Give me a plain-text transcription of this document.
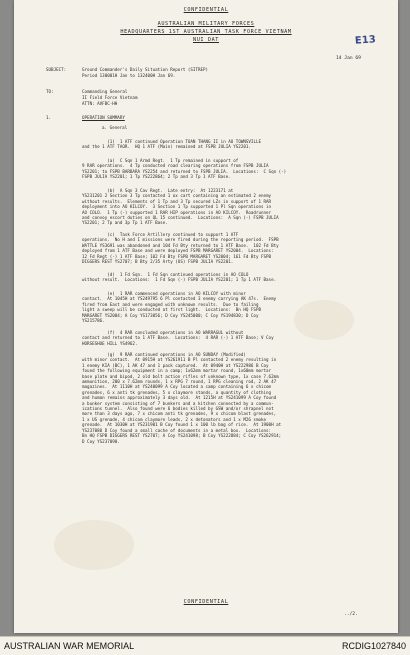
CONFIDENTIAL
AUSTRALIAN MILITARY FORCES
HEADQUARTERS 1ST AUSTRALIAN TASK FORCE VIETNAM
NUI DAT	E13
14 Jan 69
SUBJECT:	Ground Commander's Daily Situation Report (SITREP)
Period 130001H Jan to 132400H Jan 69.
TO:	Commanding General
II Field Force Vietnam
ATTN: AVFBC-HH
1.	OPERATION SUMMARY
a. General
(1)  1 ATF continued Operation TOAN THANG II in AO TOWNSVILLE
and the 1 ATF TAOR.  HQ 1 ATF (Main) remained at FSPB JULIA YS2201.
(a)  C Sqn 1 Armd Regt.  1 Tp remained in support of
9 RAR operations.  4 Tp conducted road clearing operations from FSPB JULIA
YS2201; to FSPB BARBARA YS2254 and returned to FSPB JULIA.  Locations:  C Sqn (-)
FSPB JULIA YS2201; 1 Tp YS222864; 2 Tp and 3 Tp 1 ATF Base.
(b)  A Sqn 3 Cav Regt.  Late entry:  At 1223171 at
YS231201 2 Section 3 Tp contacted 1 ox cart containing an estimated 2 enemy
without results.  Elements of 1 Tp and 3 Tp secured LZs in support of 1 RAR
deployment into AO KILCOY.  3 Section 1 Tp supported 1 Pl Sqn operations in
AO COLO.  1 Tp (-) supported 1 RAR HIP operations in AO KILCOY.  Roadrunner
and convoy escort duties on QL 15 continued.  Locations:  A Sqn (-) FSPB JULIA
YS2201; 2 Tp and 3p Tp 1 ATF Base.
(c)  Task Force Artillery continued to support 1 ATF
operations.  No H and I missions were fired during the reporting period.  FSPB
WATTLE YS3691 was abandoned and 104 Fd Bty returned to 1 ATF Base.  102 Fd Bty
deployed from 1 ATF Base and were deployed FSPB MARGARET YS2004.  Locations:
12 Fd Regt (-) 1 ATF Base; 102 Fd Bty FSPB MARGARET YS2004; 161 Fd Bty FSPB
DIGGERS REST YS2707; B Bty 2/35 Arty (US) FSPB JULIA YS2201.
(d)  1 Fd Sqn.  1 Fd Sqn continued operations in AO COLO
without result.  Locations:  1 Fd Sqn (-) FSPB JULIA YS2201; 1 Tp 1 ATF Base.
(e)  1 RAR commenced operations in AO KILCOY with minor
contact.  At 1045H at YS249795 6 Pl contacted 3 enemy carrying AK 47s.  Enemy
fired from East and were engaged with unknown results.  Due to failing
light a sweep will be conducted at first light.  Locations:  Bn HQ FSPB
MARGARET YS2004; A Coy YS173056; D Coy YS245000; C Coy YS194830; D Coy
YS215786.
(f)  4 RAR concluded operations in AO WARRAGUL without
contact and returned to 1 ATF Base.  Locations:  4 RAR (-) 1 ATF Base; V Coy
HORSESHOE HILL YS4962.
(g)  9 RAR continued operations in AO SUNDAY (Modified)
with minor contact.  At 0915H at YS261911 B Pl contacted 2 enemy resulting in
1 enemy KIA (BC), 1 AK 47 and 1 pack captured.  At 0940H at YS222986 B Coy
found the following equipment in a camp; 1x62mm mortar round, 1x60mm mortar
base plate and bipod, 2 old bolt action rifles of unknown type, 1x case 7.62mm
ammunition, 200 x 7.62mm rounds, 1 x RPG 7 round, 1 RPG cleaning rod, 2 AK 47
magazines.  At 1110H at YS240099 A Coy located a camp containing 6 x chicom
grenades, 6 x anti tk grenades, 5 x claymore stands, a quantity of clothing
and human remains approximately 3 days old.  At 1215H at YS241099 A Coy found
a bunker system consisting of 7 bunkers and a kitchen connected by a commun-
ications tunnel.  Also found were 6 bodies killed by GSW and/or shrapnel not
more than 3 days ago, 7 x chicom anti tk grenades, 9 x chicom blast grenades,
1 x US grenade, 4 chicom claymore leads, 2 x detonators and 1 x M26 smoke
grenade.  At 1030H at YS231901 B Coy found 1 x 100 lb bag of rice.  At 1900H at
YS237080 D Coy found a small cache of documents in a metal box.  Locations:
Bn HQ FSPB DIGGERS REST YS2707; A Coy YS241098; B Coy YS222884; C Coy YS262914;
D Coy YS237090.
CONFIDENTIAL
../2.
AUSTRALIAN WAR MEMORIAL	RCDIG1027840
